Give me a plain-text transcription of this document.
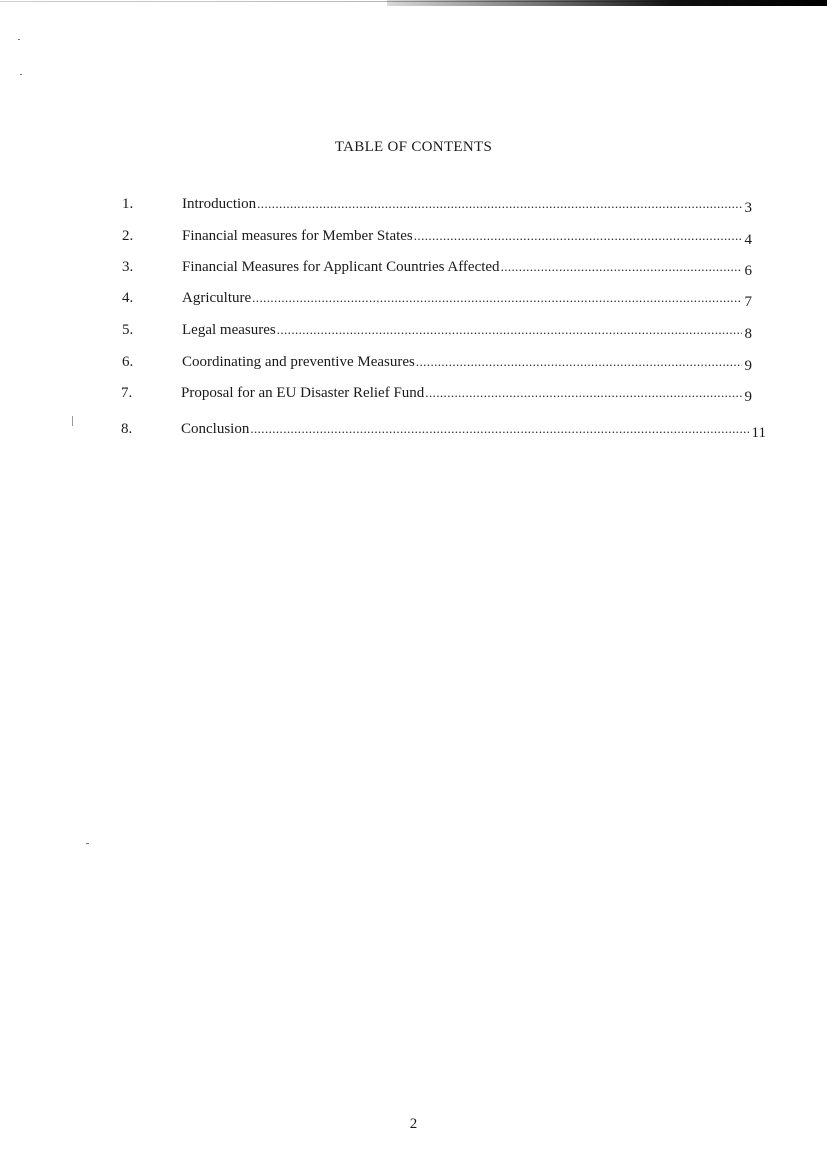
TABLE OF CONTENTS
1.	Introduction .....	3
2.	Financial measures for Member States .....	4
3.	Financial Measures for Applicant Countries Affected .....	6
4.	Agriculture .....	7
5.	Legal measures .....	8
6.	Coordinating and preventive Measures .....	9
7.	Proposal for an EU Disaster Relief Fund .....	9
8.	Conclusion .....	11
2
